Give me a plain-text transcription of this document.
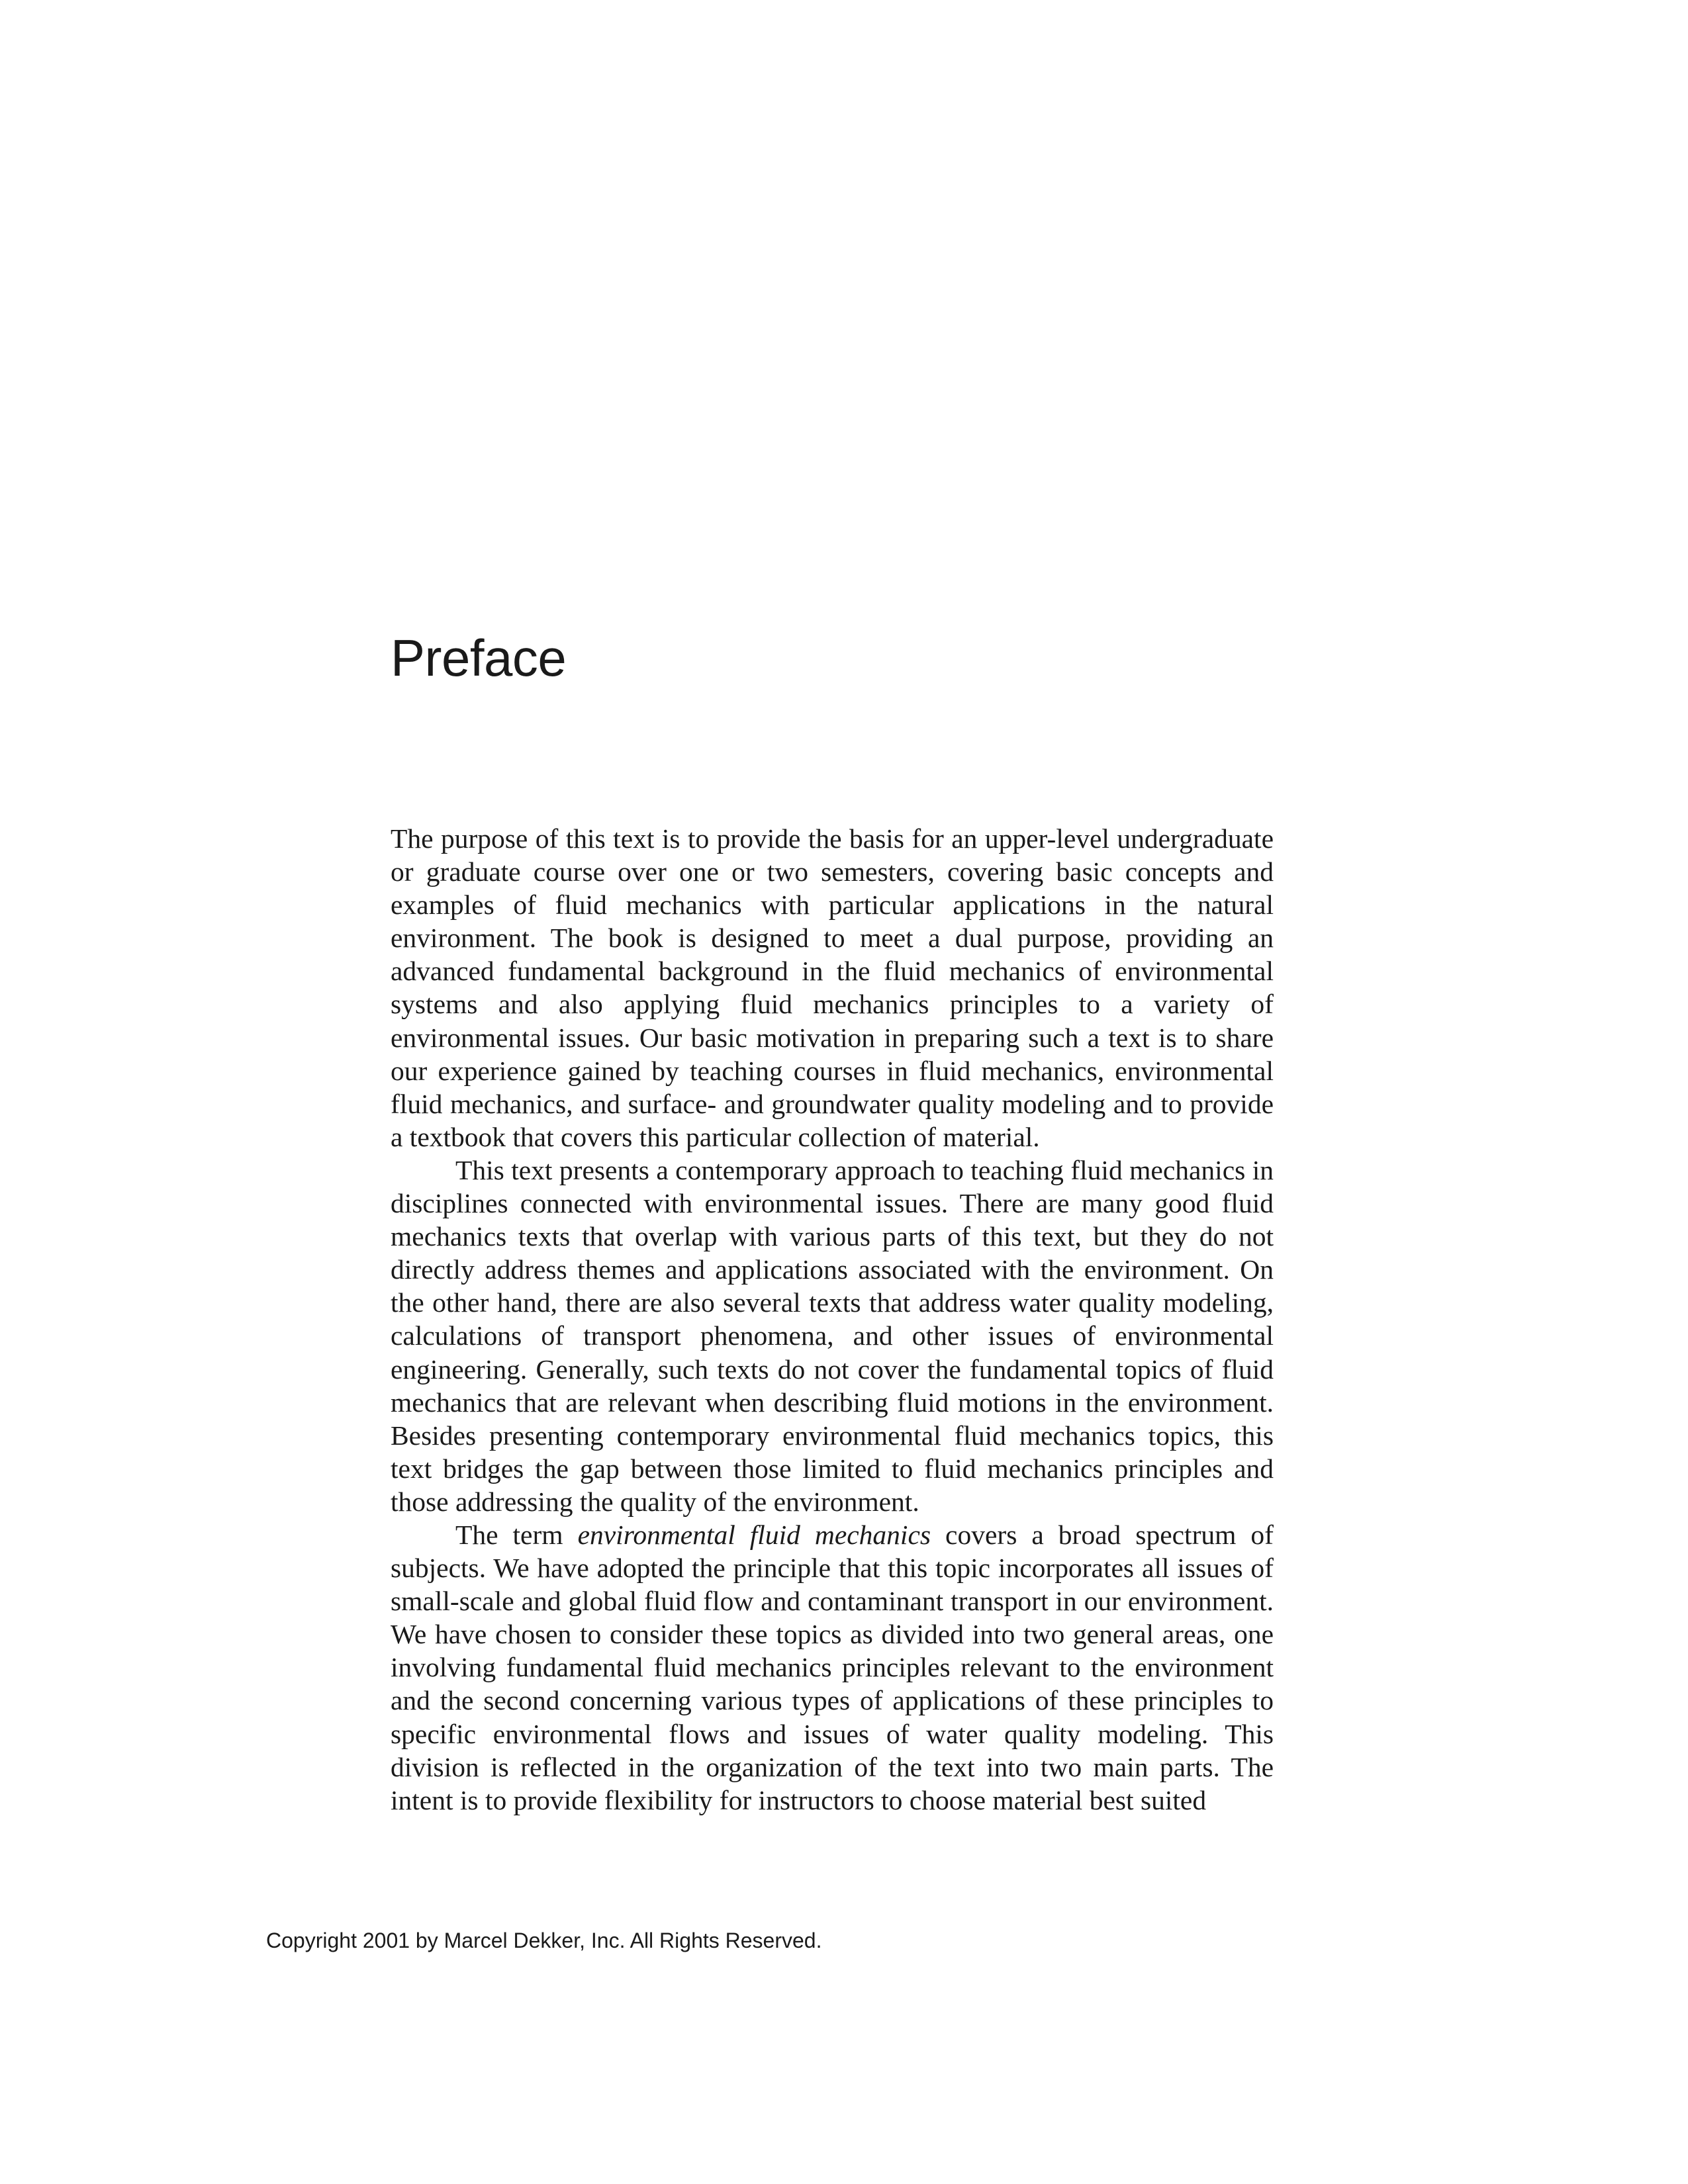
Preface

The purpose of this text is to provide the basis for an upper-level undergraduate or graduate course over one or two semesters, covering basic concepts and examples of fluid mechanics with particular applications in the natural environment. The book is designed to meet a dual purpose, providing an advanced fundamental background in the fluid mechanics of environmental systems and also applying fluid mechanics principles to a variety of environmental issues. Our basic motivation in preparing such a text is to share our experience gained by teaching courses in fluid mechanics, environmental fluid mechanics, and surface- and groundwater quality modeling and to provide a textbook that covers this particular collection of material.

This text presents a contemporary approach to teaching fluid mechanics in disciplines connected with environmental issues. There are many good fluid mechanics texts that overlap with various parts of this text, but they do not directly address themes and applications associated with the environment. On the other hand, there are also several texts that address water quality modeling, calculations of transport phenomena, and other issues of environmental engineering. Generally, such texts do not cover the fundamental topics of fluid mechanics that are relevant when describing fluid motions in the environment. Besides presenting contemporary environmental fluid mechanics topics, this text bridges the gap between those limited to fluid mechanics principles and those addressing the quality of the environment.

The term environmental fluid mechanics covers a broad spectrum of subjects. We have adopted the principle that this topic incorporates all issues of small-scale and global fluid flow and contaminant transport in our environment. We have chosen to consider these topics as divided into two general areas, one involving fundamental fluid mechanics principles relevant to the environment and the second concerning various types of applications of these principles to specific environmental flows and issues of water quality modeling. This division is reflected in the organization of the text into two main parts. The intent is to provide flexibility for instructors to choose material best suited

Copyright 2001 by Marcel Dekker, Inc. All Rights Reserved.
